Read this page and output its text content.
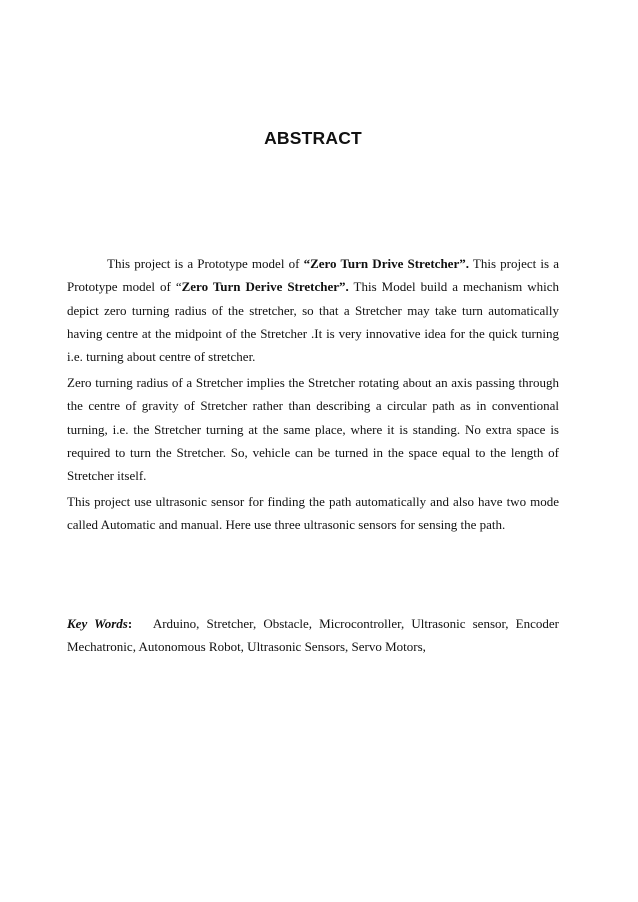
ABSTRACT

This project is a Prototype model of “Zero Turn Drive Stretcher”. This project is a Prototype model of “Zero Turn Derive Stretcher”. This Model build a mechanism which depict zero turning radius of the stretcher, so that a Stretcher may take turn automatically having centre at the midpoint of the Stretcher .It is very innovative idea for the quick turning i.e. turning about centre of stretcher.

Zero turning radius of a Stretcher implies the Stretcher rotating about an axis passing through the centre of gravity of Stretcher rather than describing a circular path as in conventional turning, i.e. the Stretcher turning at the same place, where it is standing. No extra space is required to turn the Stretcher. So, vehicle can be turned in the space equal to the length of Stretcher itself.

This project use ultrasonic sensor for finding the path automatically and also have two mode called Automatic and manual. Here use three ultrasonic sensors for sensing the path.

Key Words:   Arduino, Stretcher, Obstacle, Microcontroller, Ultrasonic sensor, Encoder Mechatronic, Autonomous Robot, Ultrasonic Sensors, Servo Motors,
